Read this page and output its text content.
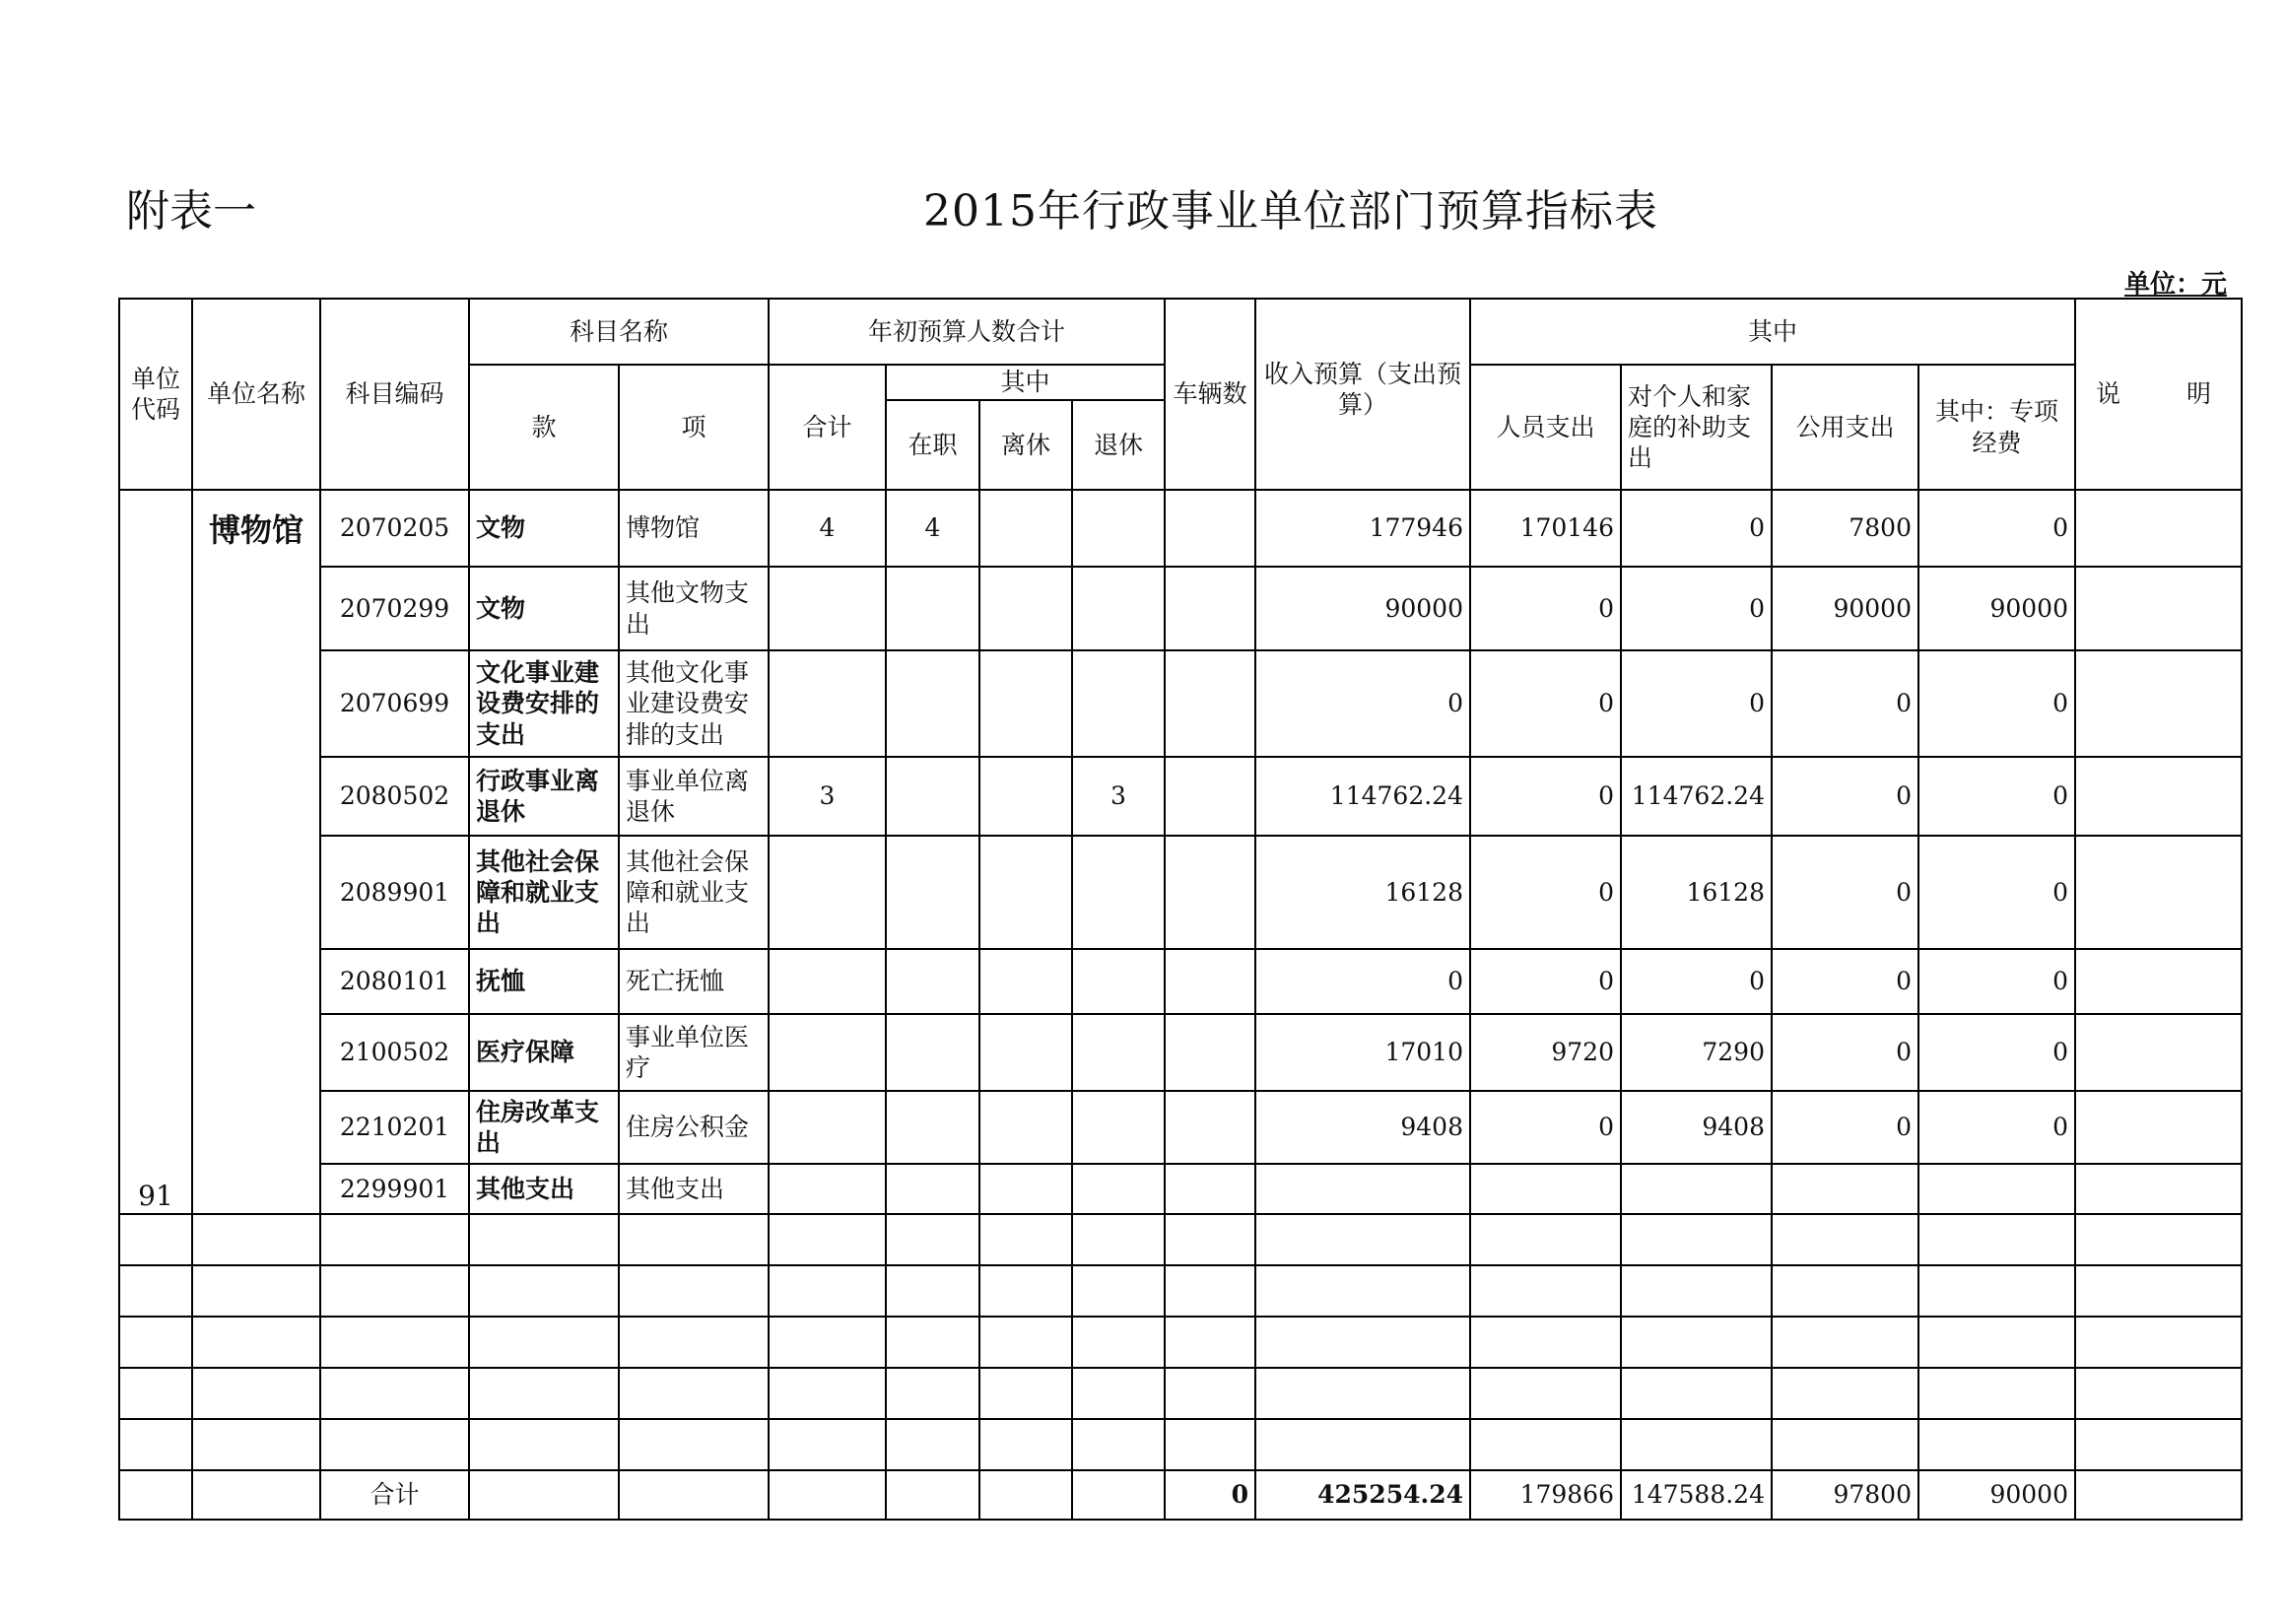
附表一	2015年行政事业单位部门预算指标表
单位：元
单位代码	单位名称	科目编码	科目名称		年初预算人数合计				车辆数	收入预算（支出预算）	其中				说 明

			款	项	合计	其中					人员支出	对个人和家庭的补助支出	公用支出	其中：专项经费	
						在职	离休	退休							
91	博物馆	2070205	文物	博物馆	4	4				177946	170146	0	7800	0	
		2070299	文物	其他文物支出						90000	0	0	90000	90000	
		2070699	文化事业建设费安排的支出	其他文化事业建设费安排的支出						0	0	0	0	0	
		2080502	行政事业离退休	事业单位离退休	3			3		114762.24	0	114762.24	0	0	
		2089901	其他社会保障和就业支出	其他社会保障和就业支出						16128	0	16128	0	0	
		2080101	抚恤	死亡抚恤						0	0	0	0	0	
		2100502	医疗保障	事业单位医疗						17010	9720	7290	0	0	
		2210201	住房改革支出	住房公积金						9408	0	9408	0	0	
		2299901	其他支出	其他支出											

		合计							0	425254.24	179866	147588.24	97800	90000	
